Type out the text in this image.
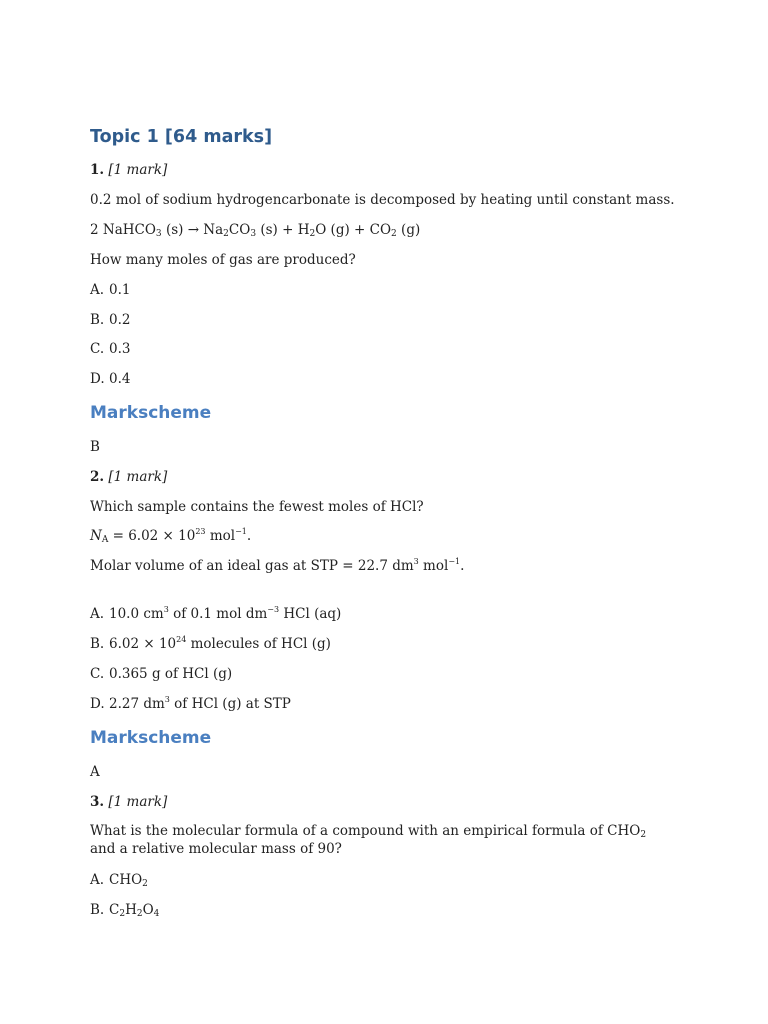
Topic 1 [64 marks]
1. [1 mark]
0.2 mol of sodium hydrogencarbonate is decomposed by heating until constant mass.
2 NaHCO$_3$ $(s) \to Na_2CO_3$ $(s) + H_2O$ $(g) + CO_2$ (g)
How many moles of gas are produced?
A. 0.1
B. 0.2
C. 0.3
D. 0.4
Markscheme
B
2. [1 mark]
Which sample contains the fewest moles of HCl?
$N_A = 6.02 \times 10^{23}$ mol$^{-1}$.
Molar volume of an ideal gas at STP = 22.7 $dm^3$ mol$^{-1}$.
A. 10.0 $cm^3$ of 0.1 mol $dm^{-3}$ HCl (aq)
B. $6.02 \times 10^{24}$ molecules of HCl (g)
C. 0.365 g of HCl (g)
D. 2.27 $dm^3$ of HCl (g) at STP
Markscheme
A
3. [1 mark]
What is the molecular formula of a compound with an empirical formula of $CHO_2$ and a relative molecular mass of 90?
A. $CHO_2$
B. $C_2H_2O_4$
